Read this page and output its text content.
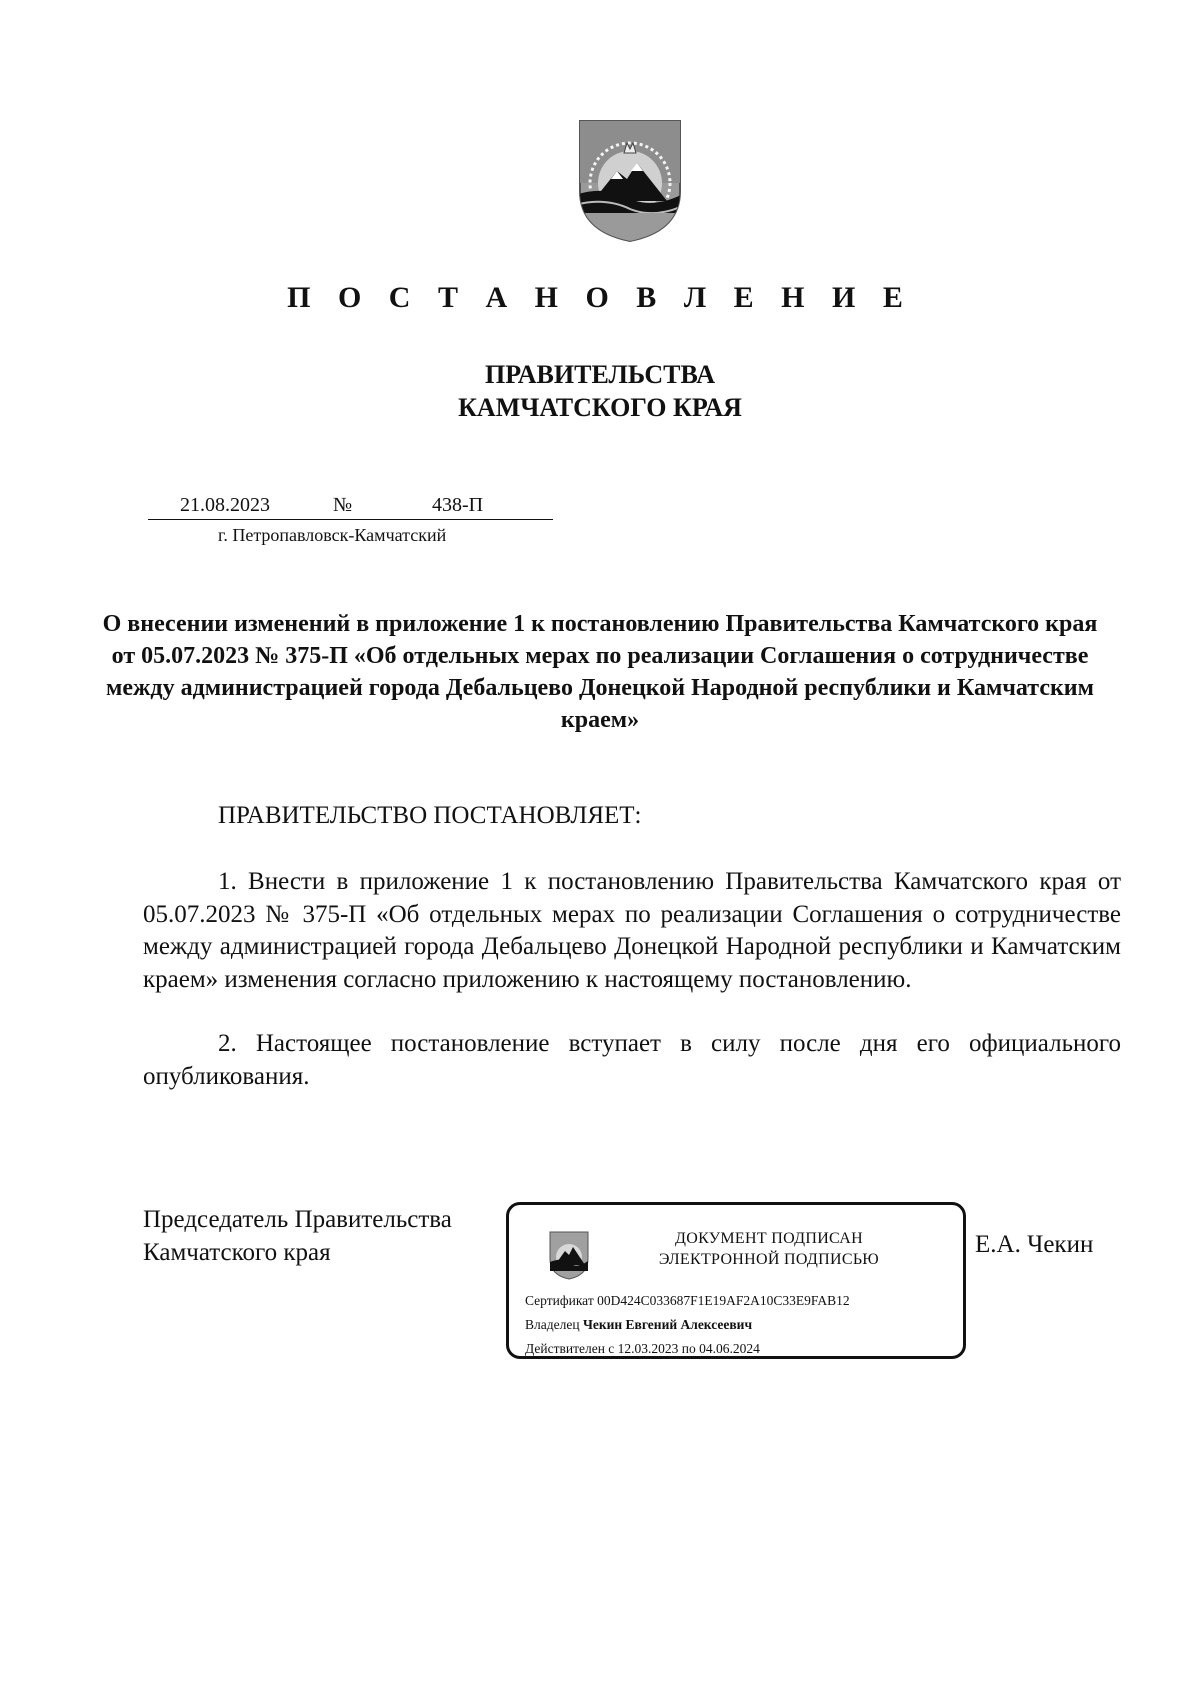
П О С Т А Н О В Л Е Н И Е
ПРАВИТЕЛЬСТВА
КАМЧАТСКОГО КРАЯ
21.08.2023	№	438-П
г. Петропавловск-Камчатский
О внесении изменений в приложение 1 к постановлению Правительства Камчатского края от 05.07.2023 № 375-П «Об отдельных мерах по реализации Соглашения о сотрудничестве между администрацией города Дебальцево Донецкой Народной республики и Камчатским краем»
ПРАВИТЕЛЬСТВО ПОСТАНОВЛЯЕТ:

1. Внести в приложение 1 к постановлению Правительства Камчатского края от 05.07.2023 № 375-П «Об отдельных мерах по реализации Соглашения о сотрудничестве между администрацией города Дебальцево Донецкой Народной республики и Камчатским краем» изменения согласно приложению к настоящему постановлению.

2. Настоящее постановление вступает в силу после дня его официального опубликования.

Председатель Правительства
Камчатского края
ДОКУМЕНТ ПОДПИСАН
ЭЛЕКТРОННОЙ ПОДПИСЬЮ
Сертификат 00D424C033687F1E19AF2A10C33E9FAB12
Владелец Чекин Евгений Алексеевич
Действителен с 12.03.2023 по 04.06.2024
Е.А. Чекин
